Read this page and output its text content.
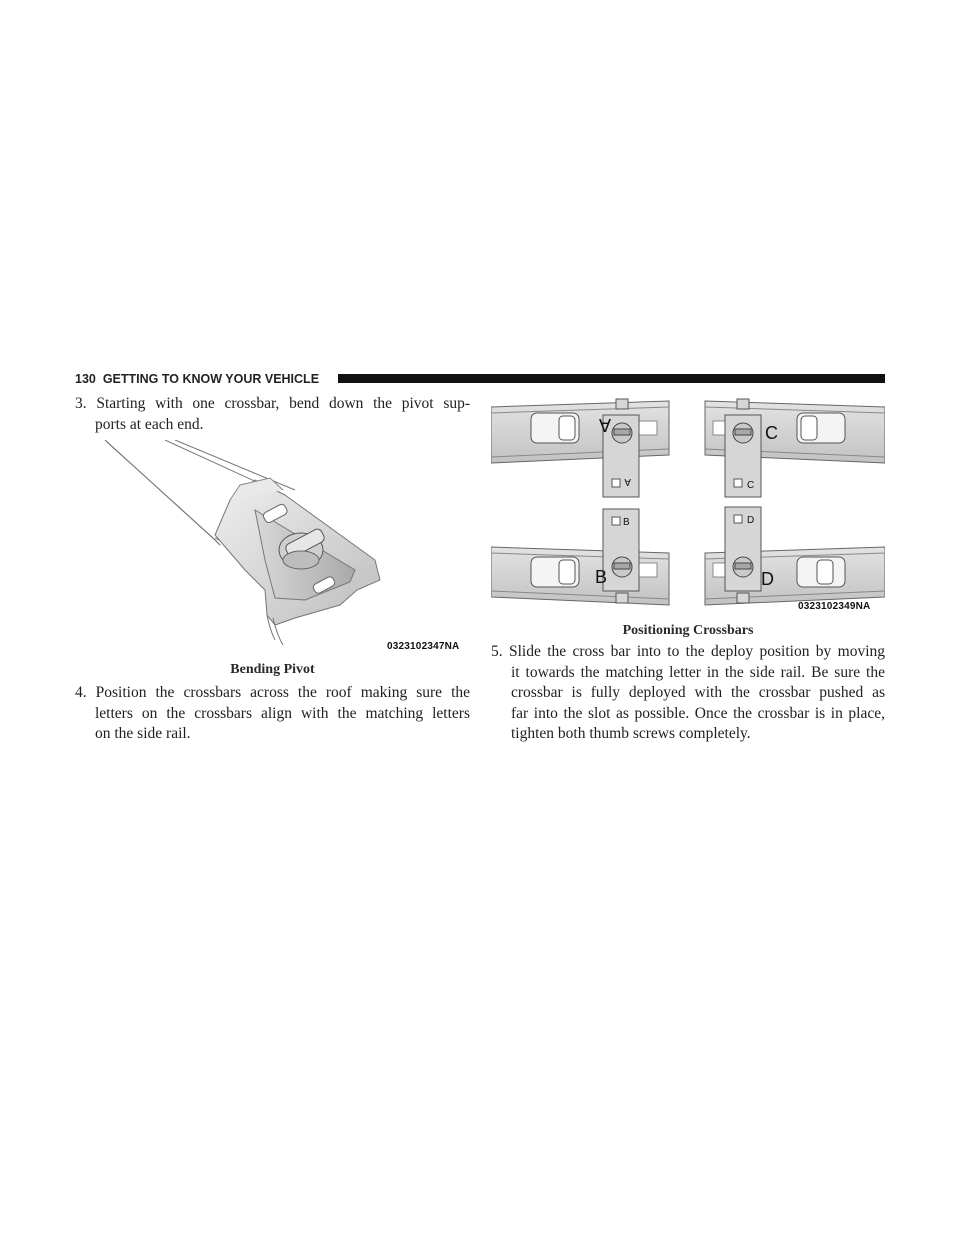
130 GETTING TO KNOW YOUR VEHICLE
3. Starting with one crossbar, bend down the pivot sup-
ports at each end.
0323102347NA
Bending Pivot
4. Position the crossbars across the roof making sure the
letters on the crossbars align with the matching letters
on the side rail.
A
A
C
C
B
B
D
D
0323102349NA
Positioning Crossbars
5. Slide the cross bar into to the deploy position by moving
it towards the matching letter in the side rail. Be sure the
crossbar is fully deployed with the crossbar pushed as
far into the slot as possible. Once the crossbar is in place,
tighten both thumb screws completely.
